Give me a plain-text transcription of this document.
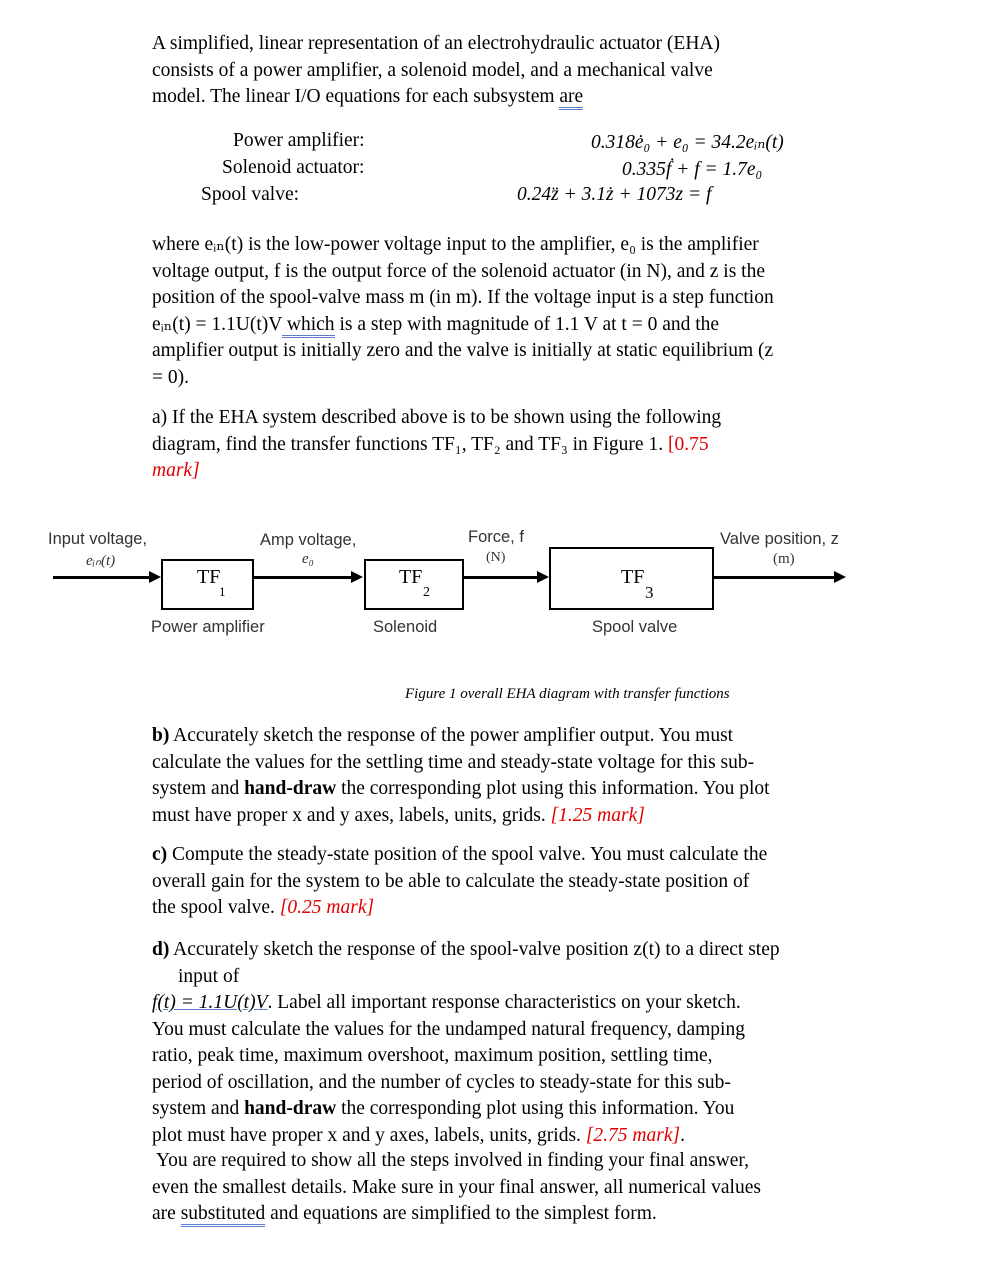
A simplified, linear representation of an electrohydraulic actuator (EHA)
consists of a power amplifier, a solenoid model, and a mechanical valve
model. The linear I/O equations for each subsystem are
Power amplifier:	0.318ė₀ + e₀ = 34.2eᵢₙ(t)
Solenoid actuator:	0.335ḟ + f = 1.7e₀
Spool valve:	0.24z̈ + 3.1ż + 1073z = f
where eᵢₙ(t) is the low-power voltage input to the amplifier, e₀ is the amplifier
voltage output, f is the output force of the solenoid actuator (in N), and z is the
position of the spool-valve mass m (in m). If the voltage input is a step function
eᵢₙ(t) = 1.1U(t)V which is a step with magnitude of 1.1 V at t = 0 and the
amplifier output is initially zero and the valve is initially at static equilibrium (z
= 0).
a) If the EHA system described above is to be shown using the following
diagram, find the transfer functions TF₁, TF₂ and TF₃ in Figure 1. [0.75
mark]
Input voltage,
eᵢₙ(t)
Amp voltage,
e₀
Force, f
(N)
Valve position, z
(m)
TF
1
TF
2
TF
3
Power amplifier	Solenoid	Spool valve
Figure 1 overall EHA diagram with transfer functions
b) Accurately sketch the response of the power amplifier output. You must
calculate the values for the settling time and steady-state voltage for this sub-
system and hand-draw the corresponding plot using this information. You plot
must have proper x and y axes, labels, units, grids. [1.25 mark]
c) Compute the steady-state position of the spool valve. You must calculate the
overall gain for the system to be able to calculate the steady-state position of
the spool valve. [0.25 mark]
d) Accurately sketch the response of the spool-valve position z(t) to a direct step
input of
f(t) = 1.1U(t)V. Label all important response characteristics on your sketch.
You must calculate the values for the undamped natural frequency, damping
ratio, peak time, maximum overshoot, maximum position, settling time,
period of oscillation, and the number of cycles to steady-state for this sub-
system and hand-draw the corresponding plot using this information. You
plot must have proper x and y axes, labels, units, grids. [2.75 mark].
You are required to show all the steps involved in finding your final answer,
even the smallest details. Make sure in your final answer, all numerical values
are substituted and equations are simplified to the simplest form.
